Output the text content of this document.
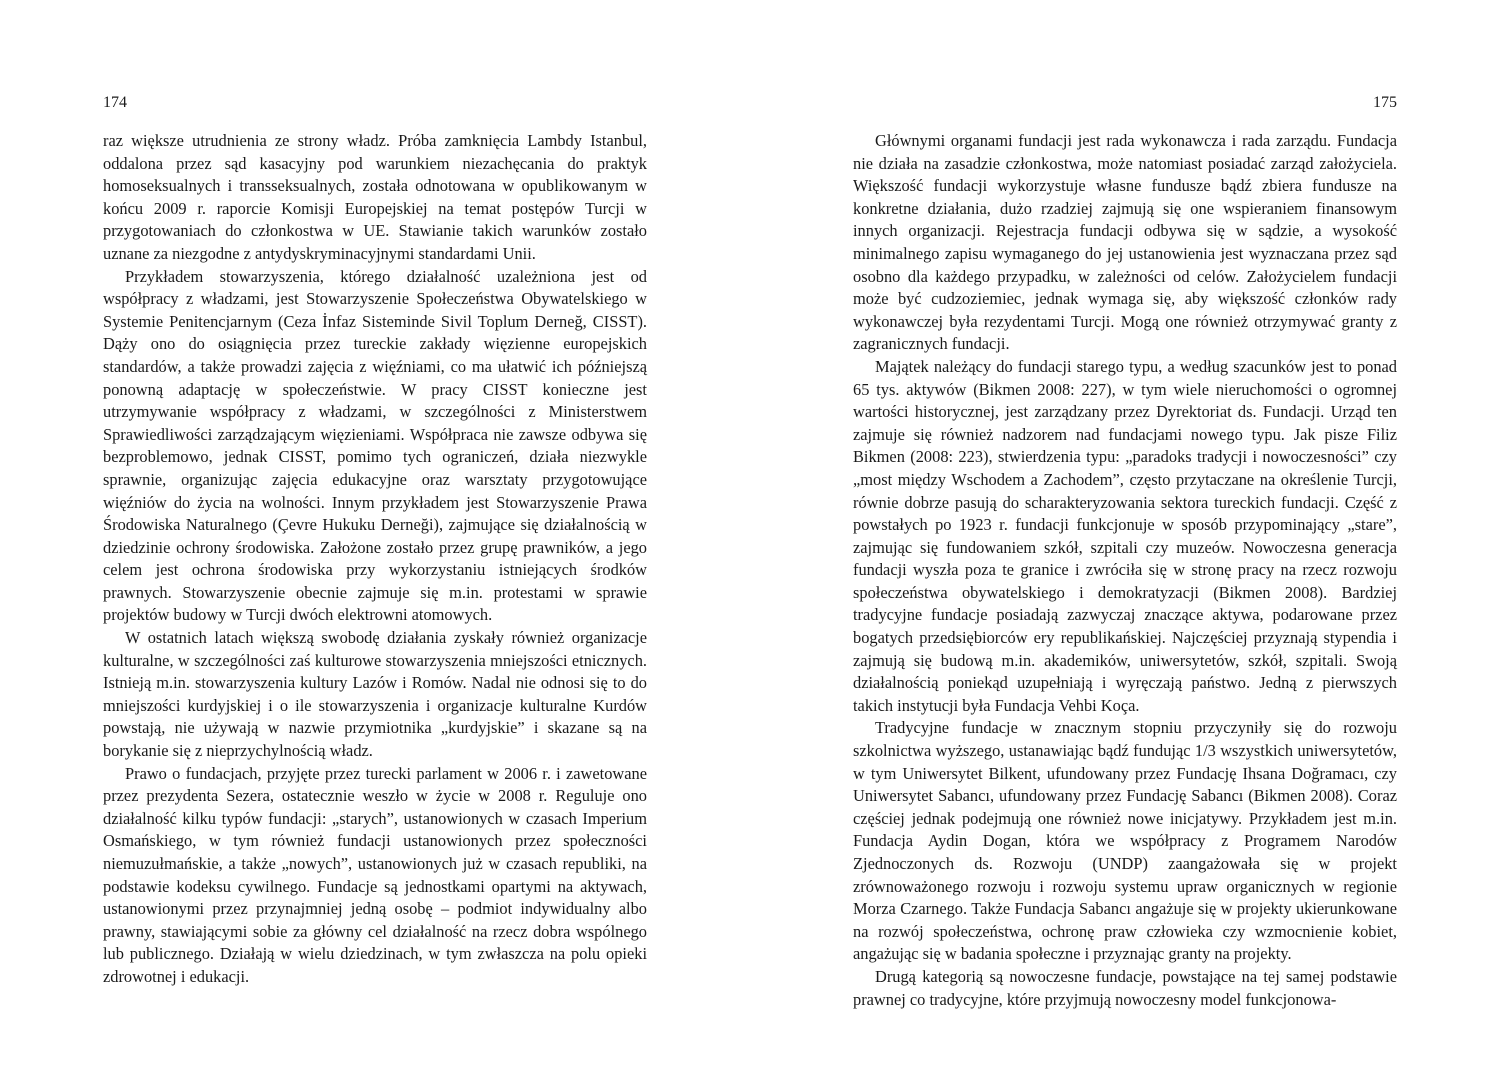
174

raz większe utrudnienia ze strony władz. Próba zamknięcia Lambdy Istanbul, oddalona przez sąd kasacyjny pod warunkiem niezachęcania do praktyk homoseksualnych i transseksualnych, została odnotowana w opublikowanym w końcu 2009 r. raporcie Komisji Europejskiej na temat postępów Turcji w przygotowaniach do członkostwa w UE. Stawianie takich warunków zostało uznane za niezgodne z antydyskryminacyjnymi standardami Unii.

Przykładem stowarzyszenia, którego działalność uzależniona jest od współpracy z władzami, jest Stowarzyszenie Społeczeństwa Obywatelskiego w Systemie Penitencjarnym (Ceza İnfaz Sisteminde Sivil Toplum Derneğ, CISST). Dąży ono do osiągnięcia przez tureckie zakłady więzienne europejskich standardów, a także prowadzi zajęcia z więźniami, co ma ułatwić ich późniejszą ponowną adaptację w społeczeństwie. W pracy CISST konieczne jest utrzymywanie współpracy z władzami, w szczególności z Ministerstwem Sprawiedliwości zarządzającym więzieniami. Współpraca nie zawsze odbywa się bezproblemowo, jednak CISST, pomimo tych ograniczeń, działa niezwykle sprawnie, organizując zajęcia edukacyjne oraz warsztaty przygotowujące więźniów do życia na wolności. Innym przykładem jest Stowarzyszenie Prawa Środowiska Naturalnego (Çevre Hukuku Derneği), zajmujące się działalnością w dziedzinie ochrony środowiska. Założone zostało przez grupę prawników, a jego celem jest ochrona środowiska przy wykorzystaniu istniejących środków prawnych. Stowarzyszenie obecnie zajmuje się m.in. protestami w sprawie projektów budowy w Turcji dwóch elektrowni atomowych.

W ostatnich latach większą swobodę działania zyskały również organizacje kulturalne, w szczególności zaś kulturowe stowarzyszenia mniejszości etnicznych. Istnieją m.in. stowarzyszenia kultury Lazów i Romów. Nadal nie odnosi się to do mniejszości kurdyjskiej i o ile stowarzyszenia i organizacje kulturalne Kurdów powstają, nie używają w nazwie przymiotnika „kurdyjskie” i skazane są na borykanie się z nieprzychylnością władz.

Prawo o fundacjach, przyjęte przez turecki parlament w 2006 r. i zawetowane przez prezydenta Sezera, ostatecznie weszło w życie w 2008 r. Reguluje ono działalność kilku typów fundacji: „starych”, ustanowionych w czasach Imperium Osmańskiego, w tym również fundacji ustanowionych przez społeczności niemuzułmańskie, a także „nowych”, ustanowionych już w czasach republiki, na podstawie kodeksu cywilnego. Fundacje są jednostkami opartymi na aktywach, ustanowionymi przez przynajmniej jedną osobę – podmiot indywidualny albo prawny, stawiającymi sobie za główny cel działalność na rzecz dobra wspólnego lub publicznego. Działają w wielu dziedzinach, w tym zwłaszcza na polu opieki zdrowotnej i edukacji.

175

Głównymi organami fundacji jest rada wykonawcza i rada zarządu. Fundacja nie działa na zasadzie członkostwa, może natomiast posiadać zarząd założyciela. Większość fundacji wykorzystuje własne fundusze bądź zbiera fundusze na konkretne działania, dużo rzadziej zajmują się one wspieraniem finansowym innych organizacji. Rejestracja fundacji odbywa się w sądzie, a wysokość minimalnego zapisu wymaganego do jej ustanowienia jest wyznaczana przez sąd osobno dla każdego przypadku, w zależności od celów. Założycielem fundacji może być cudzoziemiec, jednak wymaga się, aby większość członków rady wykonawczej była rezydentami Turcji. Mogą one również otrzymywać granty z zagranicznych fundacji.

Majątek należący do fundacji starego typu, a według szacunków jest to ponad 65 tys. aktywów (Bikmen 2008: 227), w tym wiele nieruchomości o ogromnej wartości historycznej, jest zarządzany przez Dyrektoriat ds. Fundacji. Urząd ten zajmuje się również nadzorem nad fundacjami nowego typu. Jak pisze Filiz Bikmen (2008: 223), stwierdzenia typu: „paradoks tradycji i nowoczesności” czy „most między Wschodem a Zachodem”, często przytaczane na określenie Turcji, równie dobrze pasują do scharakteryzowania sektora tureckich fundacji. Część z powstałych po 1923 r. fundacji funkcjonuje w sposób przypominający „stare”, zajmując się fundowaniem szkół, szpitali czy muzeów. Nowoczesna generacja fundacji wyszła poza te granice i zwróciła się w stronę pracy na rzecz rozwoju społeczeństwa obywatelskiego i demokratyzacji (Bikmen 2008). Bardziej tradycyjne fundacje posiadają zazwyczaj znaczące aktywa, podarowane przez bogatych przedsiębiorców ery republikańskiej. Najczęściej przyznają stypendia i zajmują się budową m.in. akademików, uniwersytetów, szkół, szpitali. Swoją działalnością poniekąd uzupełniają i wyręczają państwo. Jedną z pierwszych takich instytucji była Fundacja Vehbi Koça.

Tradycyjne fundacje w znacznym stopniu przyczyniły się do rozwoju szkolnictwa wyższego, ustanawiając bądź fundując 1/3 wszystkich uniwersytetów, w tym Uniwersytet Bilkent, ufundowany przez Fundację Ihsana Doğramacı, czy Uniwersytet Sabancı, ufundowany przez Fundację Sabancı (Bikmen 2008). Coraz częściej jednak podejmują one również nowe inicjatywy. Przykładem jest m.in. Fundacja Aydin Dogan, która we współpracy z Programem Narodów Zjednoczonych ds. Rozwoju (UNDP) zaangażowała się w projekt zrównoważonego rozwoju i rozwoju systemu upraw organicznych w regionie Morza Czarnego. Także Fundacja Sabancı angażuje się w projekty ukierunkowane na rozwój społeczeństwa, ochronę praw człowieka czy wzmocnienie kobiet, angażując się w badania społeczne i przyznając granty na projekty.

Drugą kategorią są nowoczesne fundacje, powstające na tej samej podstawie prawnej co tradycyjne, które przyjmują nowoczesny model funkcjonowa-
